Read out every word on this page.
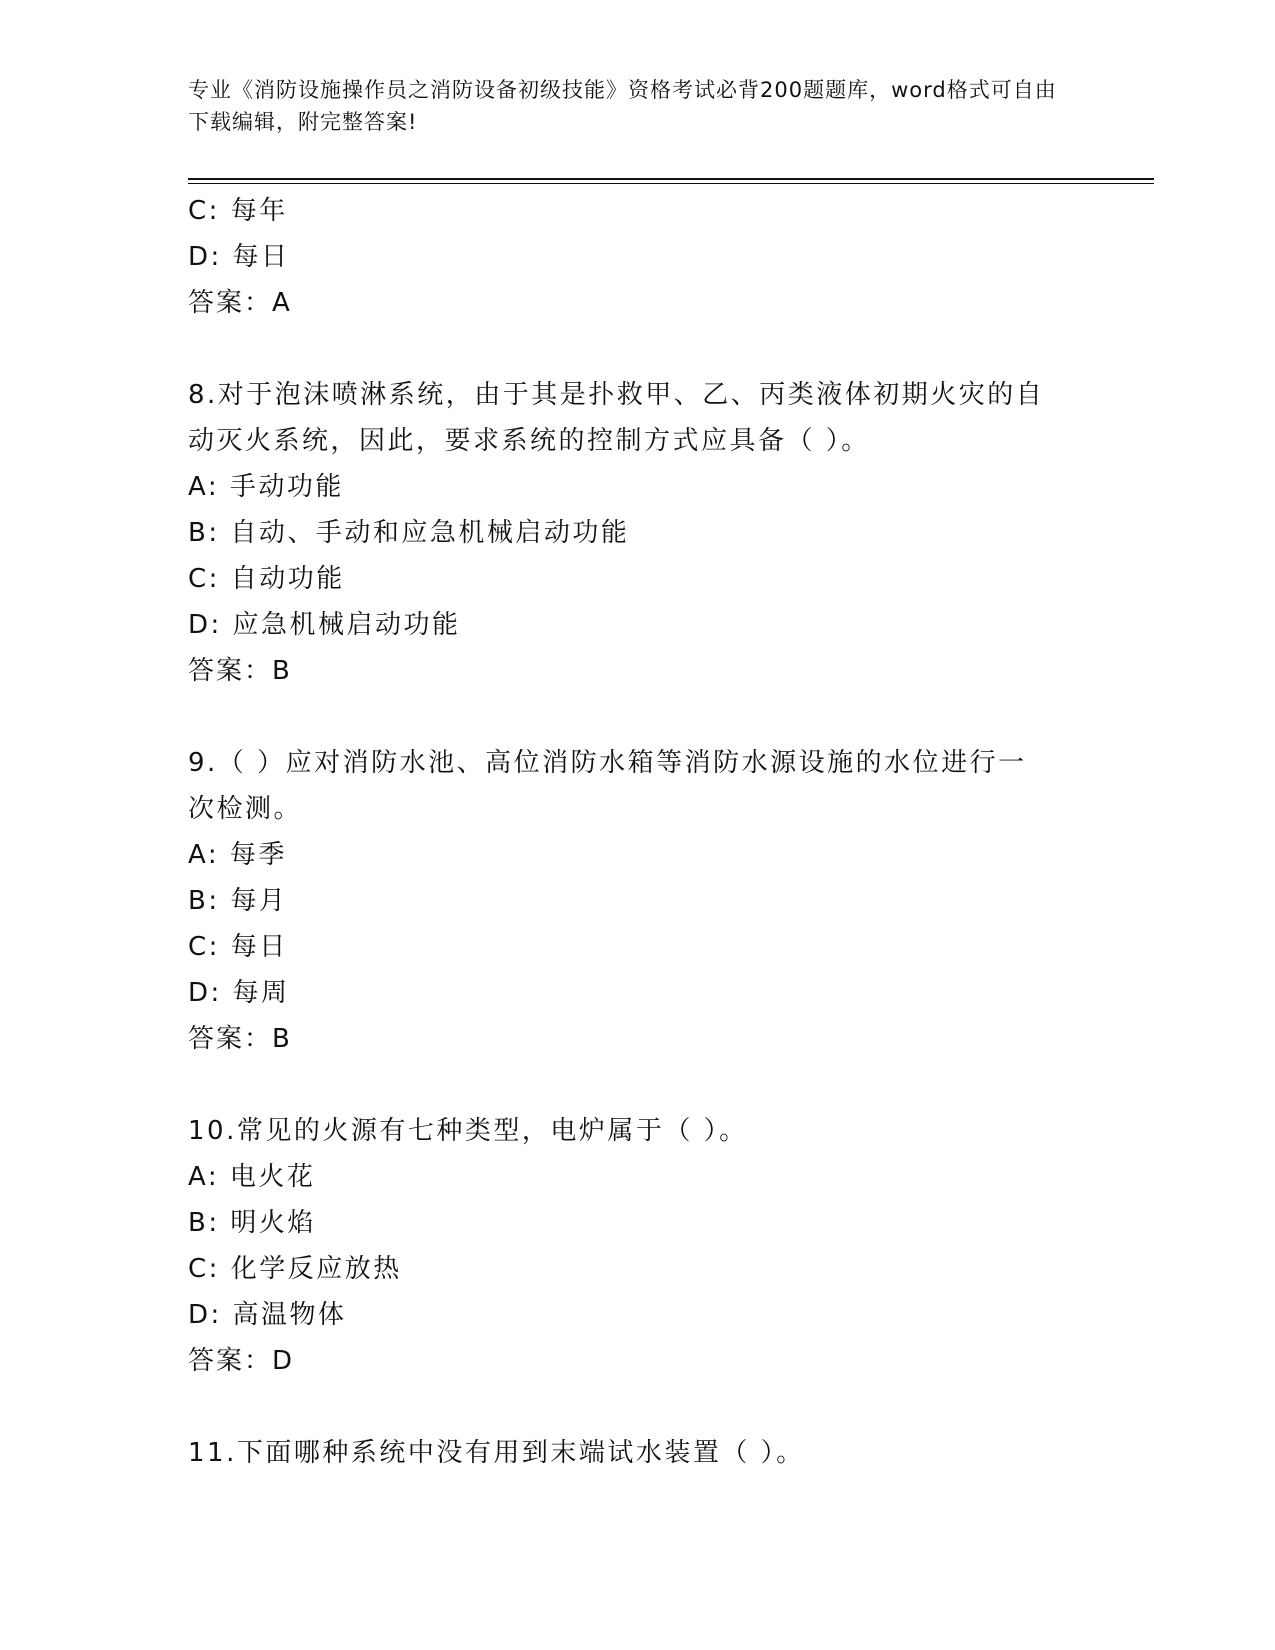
专业《消防设施操作员之消防设备初级技能》资格考试必背200题题库，word格式可自由下载编辑，附完整答案!
C: 每年
D: 每日
答案：A
8.对于泡沫喷淋系统，由于其是扑救甲、乙、丙类液体初期火灾的自
动灭火系统，因此，要求系统的控制方式应具备（ ）。
A: 手动功能
B: 自动、手动和应急机械启动功能
C: 自动功能
D: 应急机械启动功能
答案：B
9.（ ）应对消防水池、高位消防水箱等消防水源设施的水位进行一
次检测。
A: 每季
B: 每月
C: 每日
D: 每周
答案：B
10.常见的火源有七种类型，电炉属于（ ）。
A: 电火花
B: 明火焰
C: 化学反应放热
D: 高温物体
答案：D
11.下面哪种系统中没有用到末端试水装置（ ）。
